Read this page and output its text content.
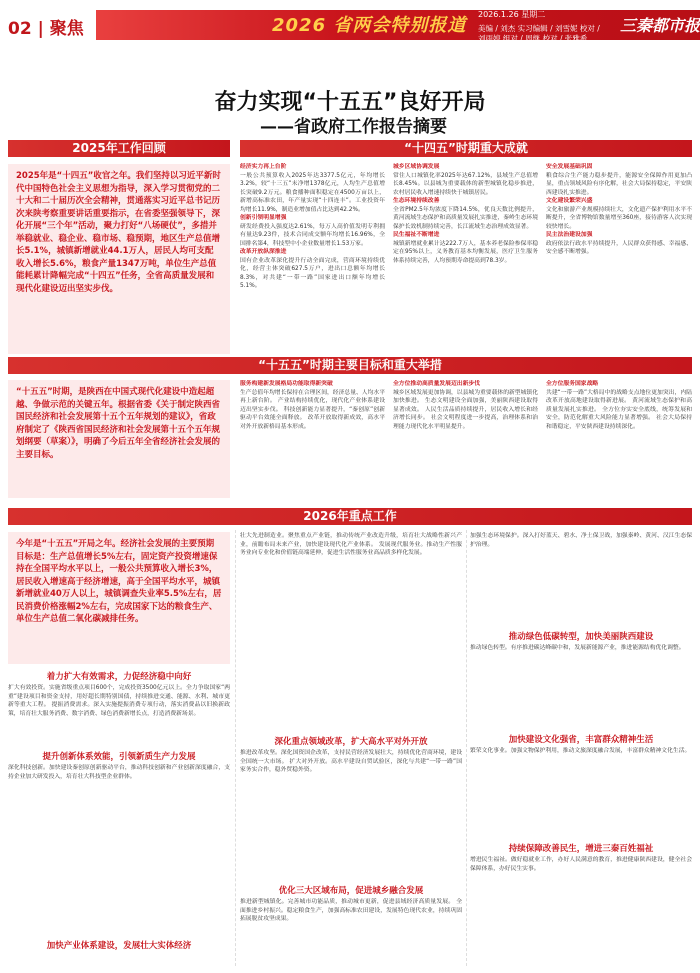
02 | 聚焦	2026 省两会特别报道
2026.1.26 星期二
美编 / 刘杰 实习编辑 / 刘雪妮 校对 / 刘雨婷 组对 / 周继 校对 / 张雅希
三秦都市报
奋力实现“十五五”良好开局
——省政府工作报告摘要
2025年工作回顾
2025年是“十四五”收官之年。我们坚持以习近平新时代中国特色社会主义思想为指导，深入学习贯彻党的二十大和二十届历次全会精神，贯通落实习近平总书记历次来陕考察重要讲话重要指示，在省委坚强领导下，深化开展“三个年”活动，聚力打好“八场硬仗”，多措并举稳就业、稳企业、稳市场、稳预期，地区生产总值增长5.1%，城镇新增就业44.1万人，居民人均可支配收入增长5.6%，粮食产量1347万吨，单位生产总值能耗累计降幅完成“十四五”任务，全省高质量发展和现代化建设迈出坚实步伐。
“十四五”时期重大成就
经济实力再上台阶
一般公共预算收入2025年达3377.5亿元，年均增长3.2%，较“十三五”末净增1378亿元，人均生产总值增长突破9.2万元。粮食播种面积稳定在4500万亩以上，新增高标准农田，年产量实现“十四连丰”。工业投资年均增长11.9%，制造业增加值占比达到42.2%。
创新引领明显增强
研发经费投入强度达2.61%，每万人高价值发明专利拥有量达9.23件，技术合同成交额年均增长16.96%，全国排名第4，科技型中小企业数量增长1.53万家。
改革开放纵深推进
国有企业改革深化提升行动全面完成，营商环境持续优化，经营主体突破627.5万户，进出口总额年均增长8.3%，对共建“一带一路”国家进出口额年均增长5.1%。
城乡区域协调发展
常住人口城镇化率2025年达67.12%，县域生产总值增长8.45%。以县城为重要载体的新型城镇化稳步推进，农村居民收入增速持续快于城镇居民。
生态环境持续改善
全省PM2.5年均浓度下降14.5%，优良天数比例提升，黄河流域生态保护和高质量发展扎实推进，秦岭生态环境保护长效机制持续完善，长江流域生态治理成效显著。
民生福祉不断增进
城镇新增就业累计达222.7万人，基本养老保险参保率稳定在95%以上，义务教育基本均衡发展，医疗卫生服务体系持续完善，人均预期寿命提高到78.3岁。
安全发展基础巩固
粮食综合生产能力稳步提升，能源安全保障作用更加凸显，重点领域风险有序化解，社会大局保持稳定，平安陕西建设扎实推进。
文化建设繁荣兴盛
文化和旅游产业规模持续壮大，文化遗产保护利用水平不断提升，全省博物馆数量增至360座，接待游客人次实现较快增长。
民主法治建设加强
政府依法行政水平持续提升，人民群众获得感、幸福感、安全感不断增强。
“十五五”时期主要目标和重大举措
“十五五”时期，是陕西在中国式现代化建设中造起超越、争做示范的关键五年。根据省委《关于制定陕西省国民经济和社会发展第十五个五年规划的建议》，省政府制定了《陕西省国民经济和社会发展第十五个五年规划纲要（草案）》，明确了今后五年全省经济社会发展的主要目标。
服务构建新发展格局功能取得新突破
生产总值年均增长保持在合理区间，经济总量、人均水平再上新台阶。 产业结构持续优化，现代化产业体系建设迈出坚实步伐。 科技创新能力显著提升，“秦创原”创新驱动平台效能全面释放。 改革开放取得新成效，高水平对外开放新格局基本形成。
全方位推动高质量发展迈出新步伐
城乡区域发展更加协调，以县城为重要载体的新型城镇化加快推进。 生态文明建设全面加强，美丽陕西建设取得显著成效。 人民生活品质持续提升，居民收入增长和经济增长同步。 社会文明程度进一步提高，治理体系和治理能力现代化水平明显提升。
全方位服务国家战略
共建“一带一路”大格局中的战略支点地位更加突出，内陆改革开放高地建设取得新进展。 黄河流域生态保护和高质量发展扎实推进。 全方位夯实安全底线，统筹发展和安全，防范化解重大风险能力显著增强。 社会大局保持和谐稳定，平安陕西建设持续深化。
2026年重点工作
今年是“十五五”开局之年。经济社会发展的主要预期目标是：生产总值增长5%左右，固定资产投资增速保持在全国平均水平以上，一般公共预算收入增长3%，居民收入增速高于经济增速，高于全国平均水平，城镇新增就业40万人以上，城镇调查失业率5.5%左右，居民消费价格涨幅2%左右，完成国家下达的粮食生产、单位生产总值二氧化碳减排任务。
着力扩大有效需求，力促经济稳中向好
扩大有效投资。实施省级重点项目600个，完成投资3500亿元以上。全力争取国家“两重”建设项目和资金支持，用好超长期特别国债，持续推进交通、能源、水利、城市更新等重大工程。 提振消费需求。深入实施提振消费专项行动，落实消费品以旧换新政策，培育壮大服务消费、数字消费、绿色消费新增长点，打造消费新场景。
提升创新体系效能，引领新质生产力发展
深化科技创新。加快建设秦创原创新驱动平台，推动科技创新和产业创新深度融合，支持企业加大研发投入，培育壮大科技型企业群体。
加快产业体系建设，发展壮大实体经济
壮大先进制造业。聚焦重点产业链，推动传统产业改造升级，培育壮大战略性新兴产业，前瞻布局未来产业，加快建设现代化产业体系。 发展现代服务业。推动生产性服务业向专业化和价值链高端延伸，促进生活性服务业高品质多样化发展。
深化重点领域改革，扩大高水平对外开放
推进改革攻坚。深化国资国企改革，支持民营经济发展壮大，持续优化营商环境，建设全国统一大市场。 扩大对外开放。高水平建设自贸试验区，深化与共建“一带一路”国家务实合作，稳外贸稳外资。
优化三大区域布局，促进城乡融合发展
推进新型城镇化。完善城市功能品质，推动城市更新，促进县域经济高质量发展。 全面推进乡村振兴。稳定粮食生产，加强高标准农田建设，发展特色现代农业，持续巩固拓展脱贫攻坚成果。
加强生态环境保护。深入打好蓝天、碧水、净土保卫战，加强秦岭、黄河、汉江生态保护治理。
推动绿色低碳转型，加快美丽陕西建设
推动绿色转型。有序推进碳达峰碳中和，发展新能源产业，推进能源结构优化调整。
加快建设文化强省，丰富群众精神生活
繁荣文化事业。加强文物保护利用，推动文旅深度融合发展，丰富群众精神文化生活。
持续保障改善民生，增进三秦百姓福祉
增进民生福祉。做好稳就业工作，办好人民满意的教育，推进健康陕西建设，健全社会保障体系，办好民生实事。
